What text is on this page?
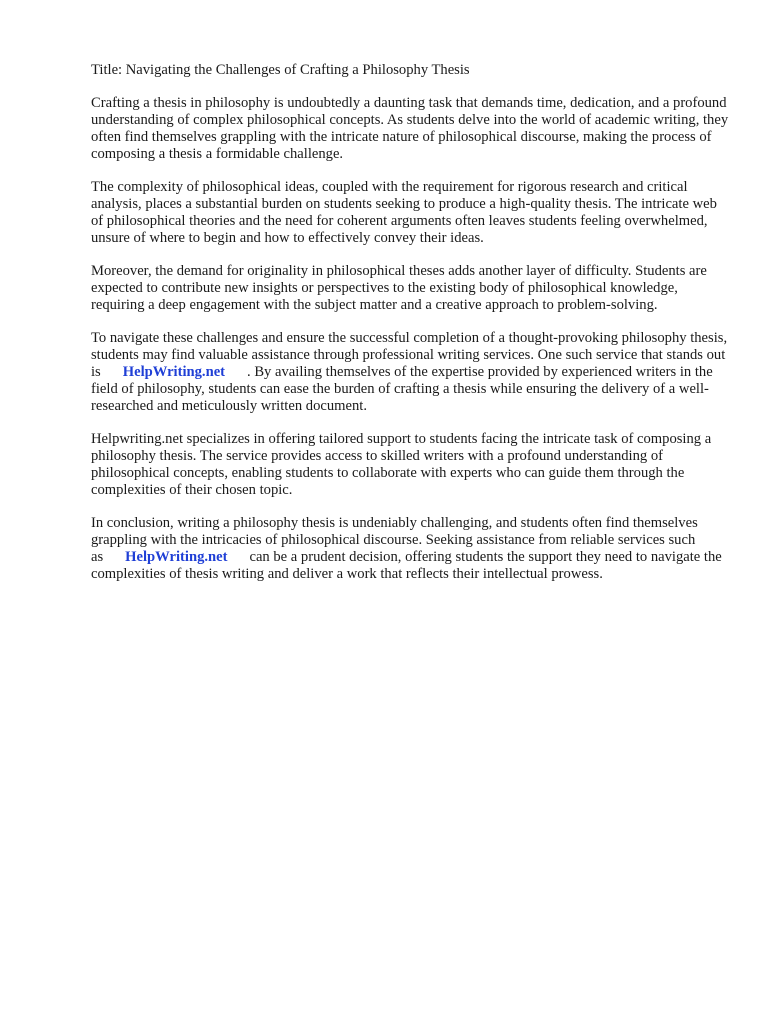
Title: Navigating the Challenges of Crafting a Philosophy Thesis

Crafting a thesis in philosophy is undoubtedly a daunting task that demands time, dedication, and a profound understanding of complex philosophical concepts. As students delve into the world of academic writing, they often find themselves grappling with the intricate nature of philosophical discourse, making the process of composing a thesis a formidable challenge.

The complexity of philosophical ideas, coupled with the requirement for rigorous research and critical analysis, places a substantial burden on students seeking to produce a high-quality thesis. The intricate web of philosophical theories and the need for coherent arguments often leaves students feeling overwhelmed, unsure of where to begin and how to effectively convey their ideas.

Moreover, the demand for originality in philosophical theses adds another layer of difficulty. Students are expected to contribute new insights or perspectives to the existing body of philosophical knowledge, requiring a deep engagement with the subject matter and a creative approach to problem-solving.

To navigate these challenges and ensure the successful completion of a thought-provoking philosophy thesis, students may find valuable assistance through professional writing services. One such service that stands out is HelpWriting.net . By availing themselves of the expertise provided by experienced writers in the field of philosophy, students can ease the burden of crafting a thesis while ensuring the delivery of a well-researched and meticulously written document.

Helpwriting.net specializes in offering tailored support to students facing the intricate task of composing a philosophy thesis. The service provides access to skilled writers with a profound understanding of philosophical concepts, enabling students to collaborate with experts who can guide them through the complexities of their chosen topic.

In conclusion, writing a philosophy thesis is undeniably challenging, and students often find themselves grappling with the intricacies of philosophical discourse. Seeking assistance from reliable services such as HelpWriting.net can be a prudent decision, offering students the support they need to navigate the complexities of thesis writing and deliver a work that reflects their intellectual prowess.
